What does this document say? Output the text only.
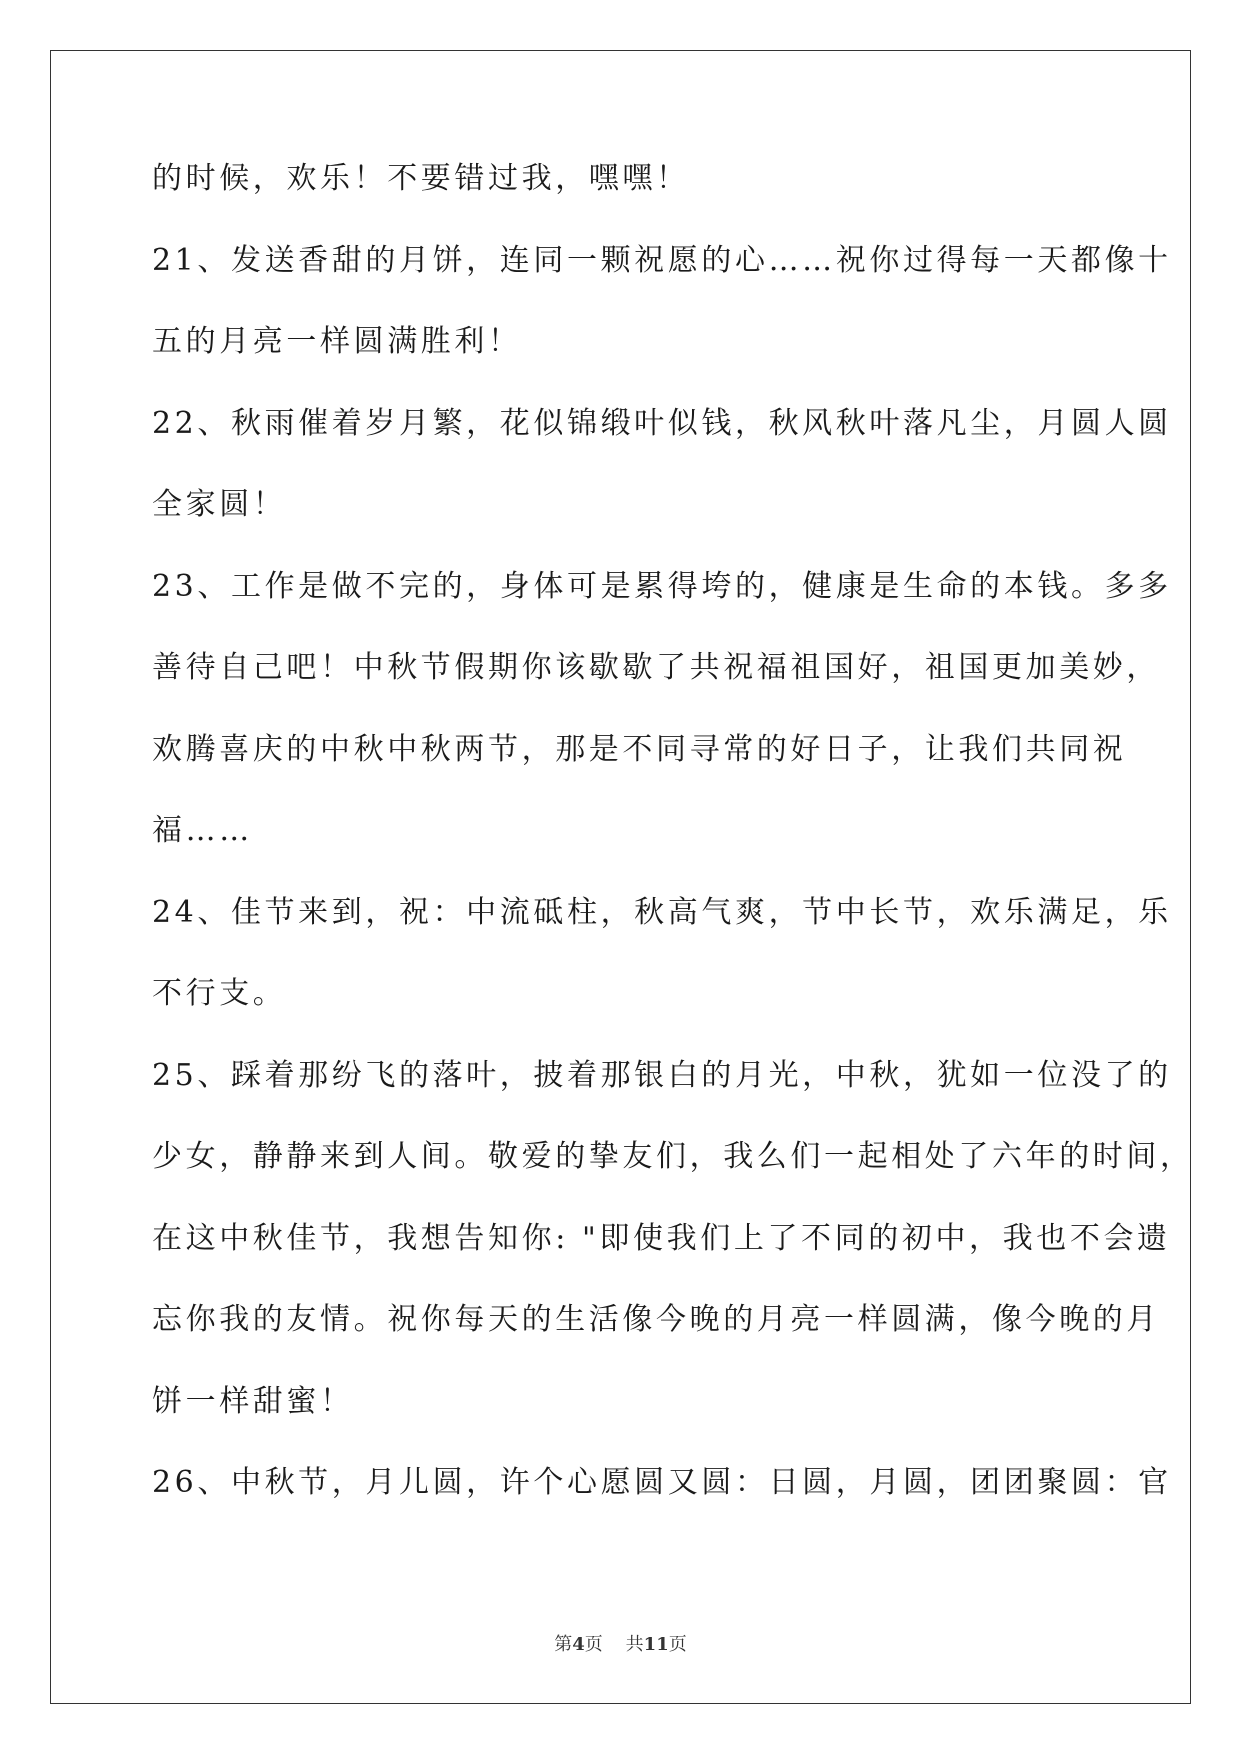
的时候，欢乐！不要错过我，嘿嘿！
21、发送香甜的月饼，连同一颗祝愿的心……祝你过得每一天都像十
五的月亮一样圆满胜利！
22、秋雨催着岁月繁，花似锦缎叶似钱，秋风秋叶落凡尘，月圆人圆
全家圆！
23、工作是做不完的，身体可是累得垮的，健康是生命的本钱。多多
善待自己吧！中秋节假期你该歇歇了共祝福祖国好，祖国更加美妙，
欢腾喜庆的中秋中秋两节，那是不同寻常的好日子，让我们共同祝
福……
24、佳节来到，祝：中流砥柱，秋高气爽，节中长节，欢乐满足，乐
不行支。
25、踩着那纷飞的落叶，披着那银白的月光，中秋，犹如一位没了的
少女，静静来到人间。敬爱的挚友们，我么们一起相处了六年的时间，
在这中秋佳节，我想告知你: "即使我们上了不同的初中，我也不会遗
忘你我的友情。祝你每天的生活像今晚的月亮一样圆满，像今晚的月
饼一样甜蜜！
26、中秋节，月儿圆，许个心愿圆又圆：日圆，月圆，团团聚圆：官
第4页 共11页
